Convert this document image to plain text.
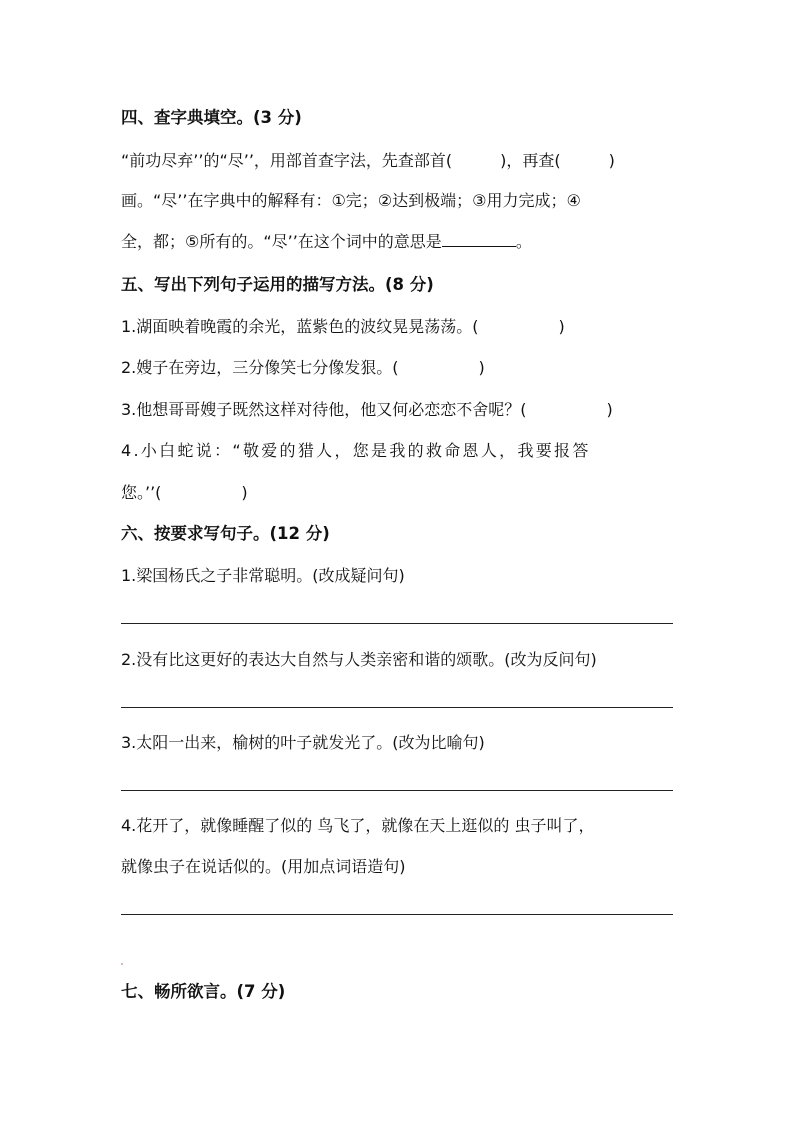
四、查字典填空。(3 分)
“前功尽弃’’的“尽’’，用部首查字法，先查部首(　　　)，再查(　　　)
画。“尽’’在字典中的解释有：①完；②达到极端；③用力完成；④
全，都；⑤所有的。“尽’’在这个词中的意思是	。
五、写出下列句子运用的描写方法。(8 分)
1.湖面映着晚霞的余光，蓝紫色的波纹晃晃荡荡。(　　　　　)
2.嫂子在旁边，三分像笑七分像发狠。(　　　　　)
3.他想哥哥嫂子既然这样对待他，他又何必恋恋不舍呢？(　　　　　)
4.小白蛇说：“敬爱的猎人，您是我的救命恩人，我要报答
您。’’(　　　　　)
六、按要求写句子。(12 分)
1.梁国杨氏之子非常聪明。(改成疑问句)
2.没有比这更好的表达大自然与人类亲密和谐的颂歌。(改为反问句)
3.太阳一出来，榆树的叶子就发光了。(改为比喻句)
4.花开了，就像睡醒了似的 鸟飞了，就像在天上逛似的 虫子叫了，
就像虫子在说话似的。(用加点词语造句)
七、畅所欲言。(7 分)
